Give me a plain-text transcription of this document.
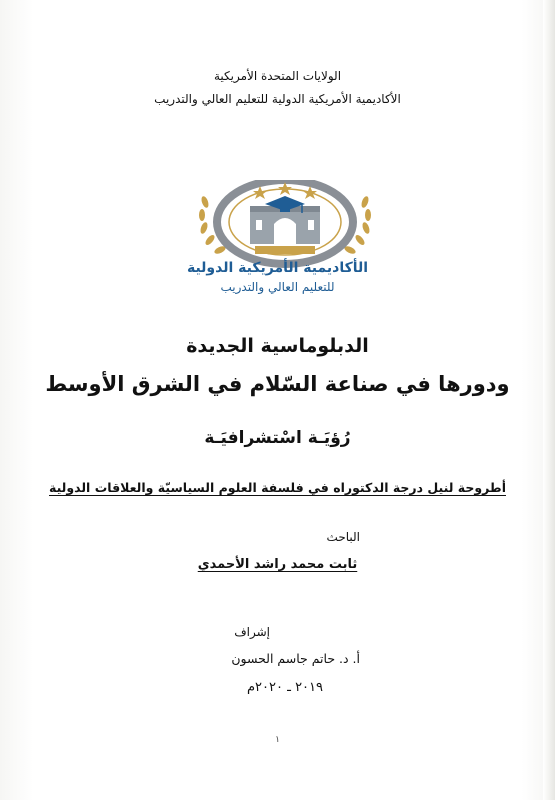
الولايات المتحدة الأمريكية
الأكاديمية الأمريكية الدولية للتعليم العالي والتدريب
الأكاديمية الأمريكية الدولية
للتعليم العالي والتدريب
الدبلوماسية الجديدة
ودورها في صناعة السّلام في الشرق الأوسط
رُؤيَـة اسْتشرافيَـة
أطروحة لنيل درجة الدكتوراه في فلسفة العلوم السياسيّة والعلاقات الدولية
الباحث
ثابت محمد راشد الأحمدي
إشراف
أ. د. حاتم جاسم الحسون
٢٠١٩ ـ ٢٠٢٠م
١
